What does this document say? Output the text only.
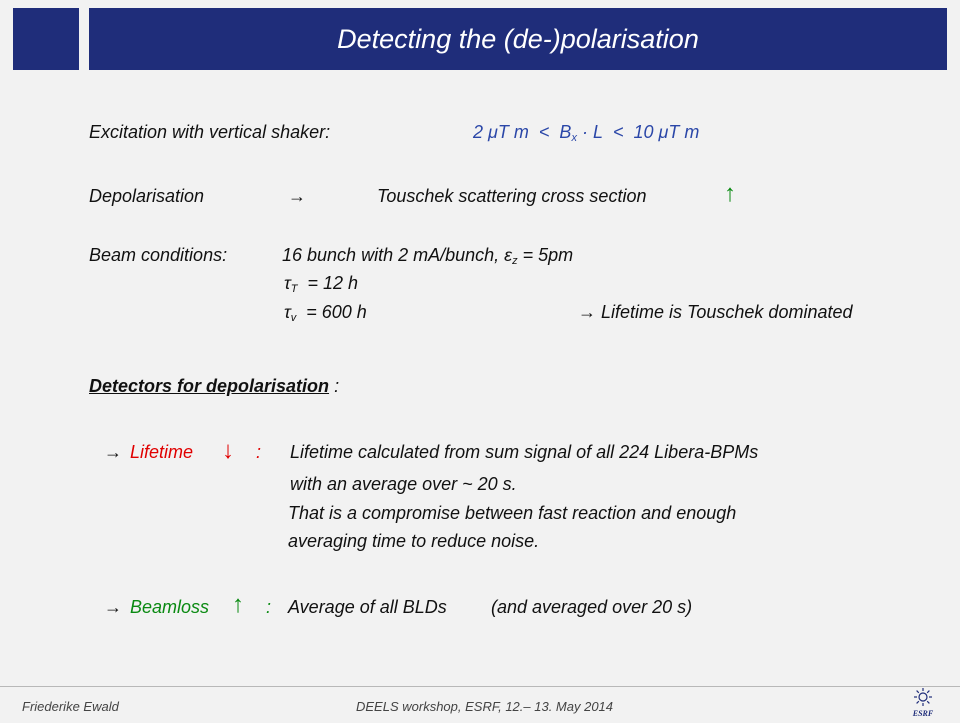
Detecting the (de-)polarisation
Excitation with vertical shaker:	2 μT $m < B_x \cdot L < 10$ μT m
Depolarisation	→	Touschek scattering cross section	↑
Beam conditions:	16 bunch with 2 mA/bunch, $\varepsilon_z = 5pm$
$\tau_T = 12$ h
$\tau_v = 600$ h	→ Lifetime is Touschek dominated
Detectors for depolarisation :
→ Lifetime ↓ : Lifetime calculated from sum signal of all 224 Libera-BPMs
with an average over ~ 20 s.
That is a compromise between fast reaction and enough
averaging time to reduce noise.
→ Beamloss ↑ : Average of all BLDs (and averaged over 20 s)
Friederike Ewald	DEELS workshop, ESRF, 12.– 13. May 2014	ESRF
